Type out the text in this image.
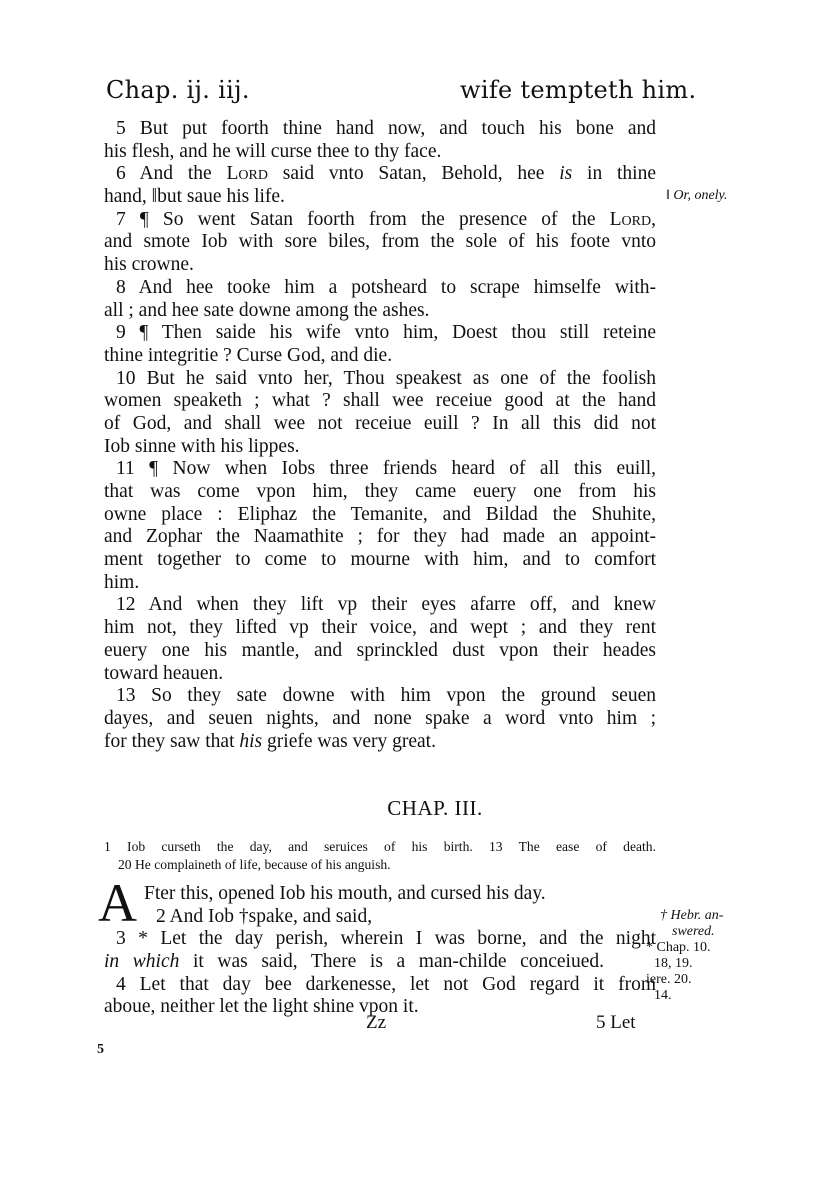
Chap. ij. iij.	wife tempteth him.
5 But put foorth thine hand now, and touch his bone and
his flesh, and he will curse thee to thy face.
6 And the Lord said vnto Satan, Behold, hee is in thine
hand, ‖but saue his life.
7 ¶ So went Satan foorth from the presence of the Lord,
and smote Iob with sore biles, from the sole of his foote vnto
his crowne.
8 And hee tooke him a potsheard to scrape himselfe with-
all ; and hee sate downe among the ashes.
9 ¶ Then saide his wife vnto him, Doest thou still reteine
thine integritie ? Curse God, and die.
10 But he said vnto her, Thou speakest as one of the foolish
women speaketh ; what ? shall wee receiue good at the hand
of God, and shall wee not receiue euill ? In all this did not
Iob sinne with his lippes.
11 ¶ Now when Iobs three friends heard of all this euill,
that was come vpon him, they came euery one from his
owne place : Eliphaz the Temanite, and Bildad the Shuhite,
and Zophar the Naamathite ; for they had made an appoint-
ment together to come to mourne with him, and to comfort
him.
12 And when they lift vp their eyes afarre off, and knew
him not, they lifted vp their voice, and wept ; and they rent
euery one his mantle, and sprinckled dust vpon their heades
toward heauen.
13 So they sate downe with him vpon the ground seuen
dayes, and seuen nights, and none spake a word vnto him ;
for they saw that his griefe was very great.
‖ Or, onely.
CHAP. III.
1 Iob curseth the day, and seruices of his birth. 13 The ease of death.
20 He complaineth of life, because of his anguish.
A Fter this, opened Iob his mouth, and cursed his day.
2 And Iob †spake, and said,
3 * Let the day perish, wherein I was borne, and the night
in which it was said, There is a man-childe conceiued.
4 Let that day bee darkenesse, let not God regard it from
aboue, neither let the light shine vpon it.
† Hebr. an-
swered.
* Chap. 10.
18, 19.
iere. 20.
14.
Zz	5 Let
5
